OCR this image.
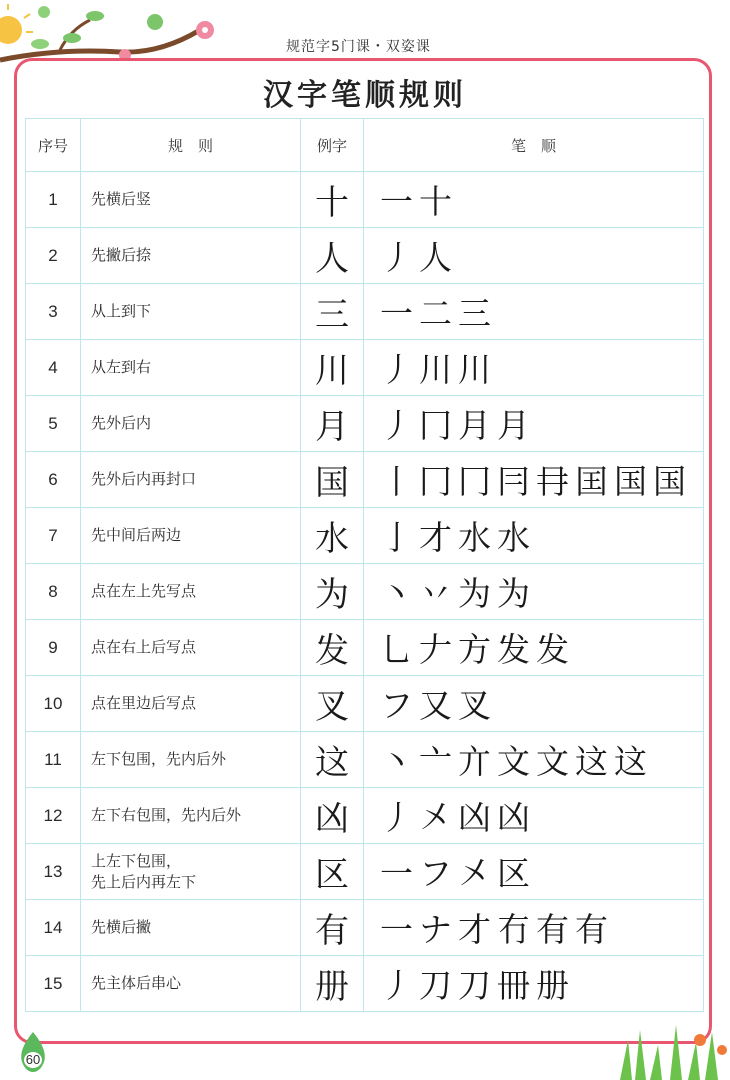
规范字5门课・双姿课
汉字笔顺规则
序号	规　则	例字	笔　顺
1	先横后竖	十	一 十
2	先撇后捺	人	丿 人
3	从上到下	三	一 二 三
4	从左到右	川	丿 川 川
5	先外后内	月	丿 冂 月 月
6	先外后内再封口	国	丨 冂 冂 冃 冄 囯 国 国
7	先中间后两边	水	亅 才 水 水
8	点在左上先写点	为	丶 丷 为 为
9	点在右上后写点	发	乚 𠂇 方 发 发
10	点在里边后写点	叉	フ 又 叉
11	左下包围，先内后外	这	丶 亠 亣 文 文 这 这
12	左下右包围，先内后外	凶	丿 㐅 凶 凶
13	上左下包围，
先上后内再左下	区	一 フ 㐅 区
14	先横后撇	有	一 ナ 才 冇 有 有
15	先主体后串心	册	丿 刀 刀 冊 册
60
